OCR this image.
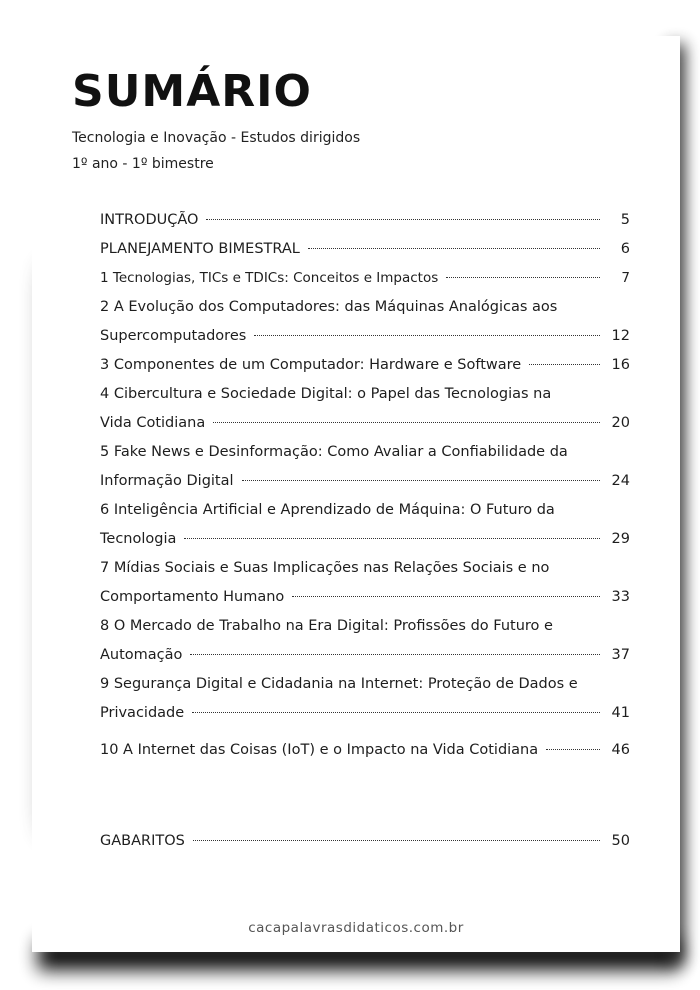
SUMÁRIO

Tecnologia e Inovação - Estudos dirigidos

1º ano - 1º bimestre

INTRODUÇÃO	5
PLANEJAMENTO BIMESTRAL	6
1 Tecnologias, TICs e TDICs: Conceitos e Impactos	7
2 A Evolução dos Computadores: das Máquinas Analógicas aos
Supercomputadores	12
3 Componentes de um Computador: Hardware e Software	16
4 Cibercultura e Sociedade Digital: o Papel das Tecnologias na
Vida Cotidiana	20
5 Fake News e Desinformação: Como Avaliar a Confiabilidade da
Informação Digital	24
6 Inteligência Artificial e Aprendizado de Máquina: O Futuro da
Tecnologia	29
7 Mídias Sociais e Suas Implicações nas Relações Sociais e no
Comportamento Humano	33
8 O Mercado de Trabalho na Era Digital: Profissões do Futuro e
Automação	37
9 Segurança Digital e Cidadania na Internet: Proteção de Dados e
Privacidade	41
10 A Internet das Coisas (IoT) e o Impacto na Vida Cotidiana	46
GABARITOS	50
cacapalavrasdidaticos.com.br
